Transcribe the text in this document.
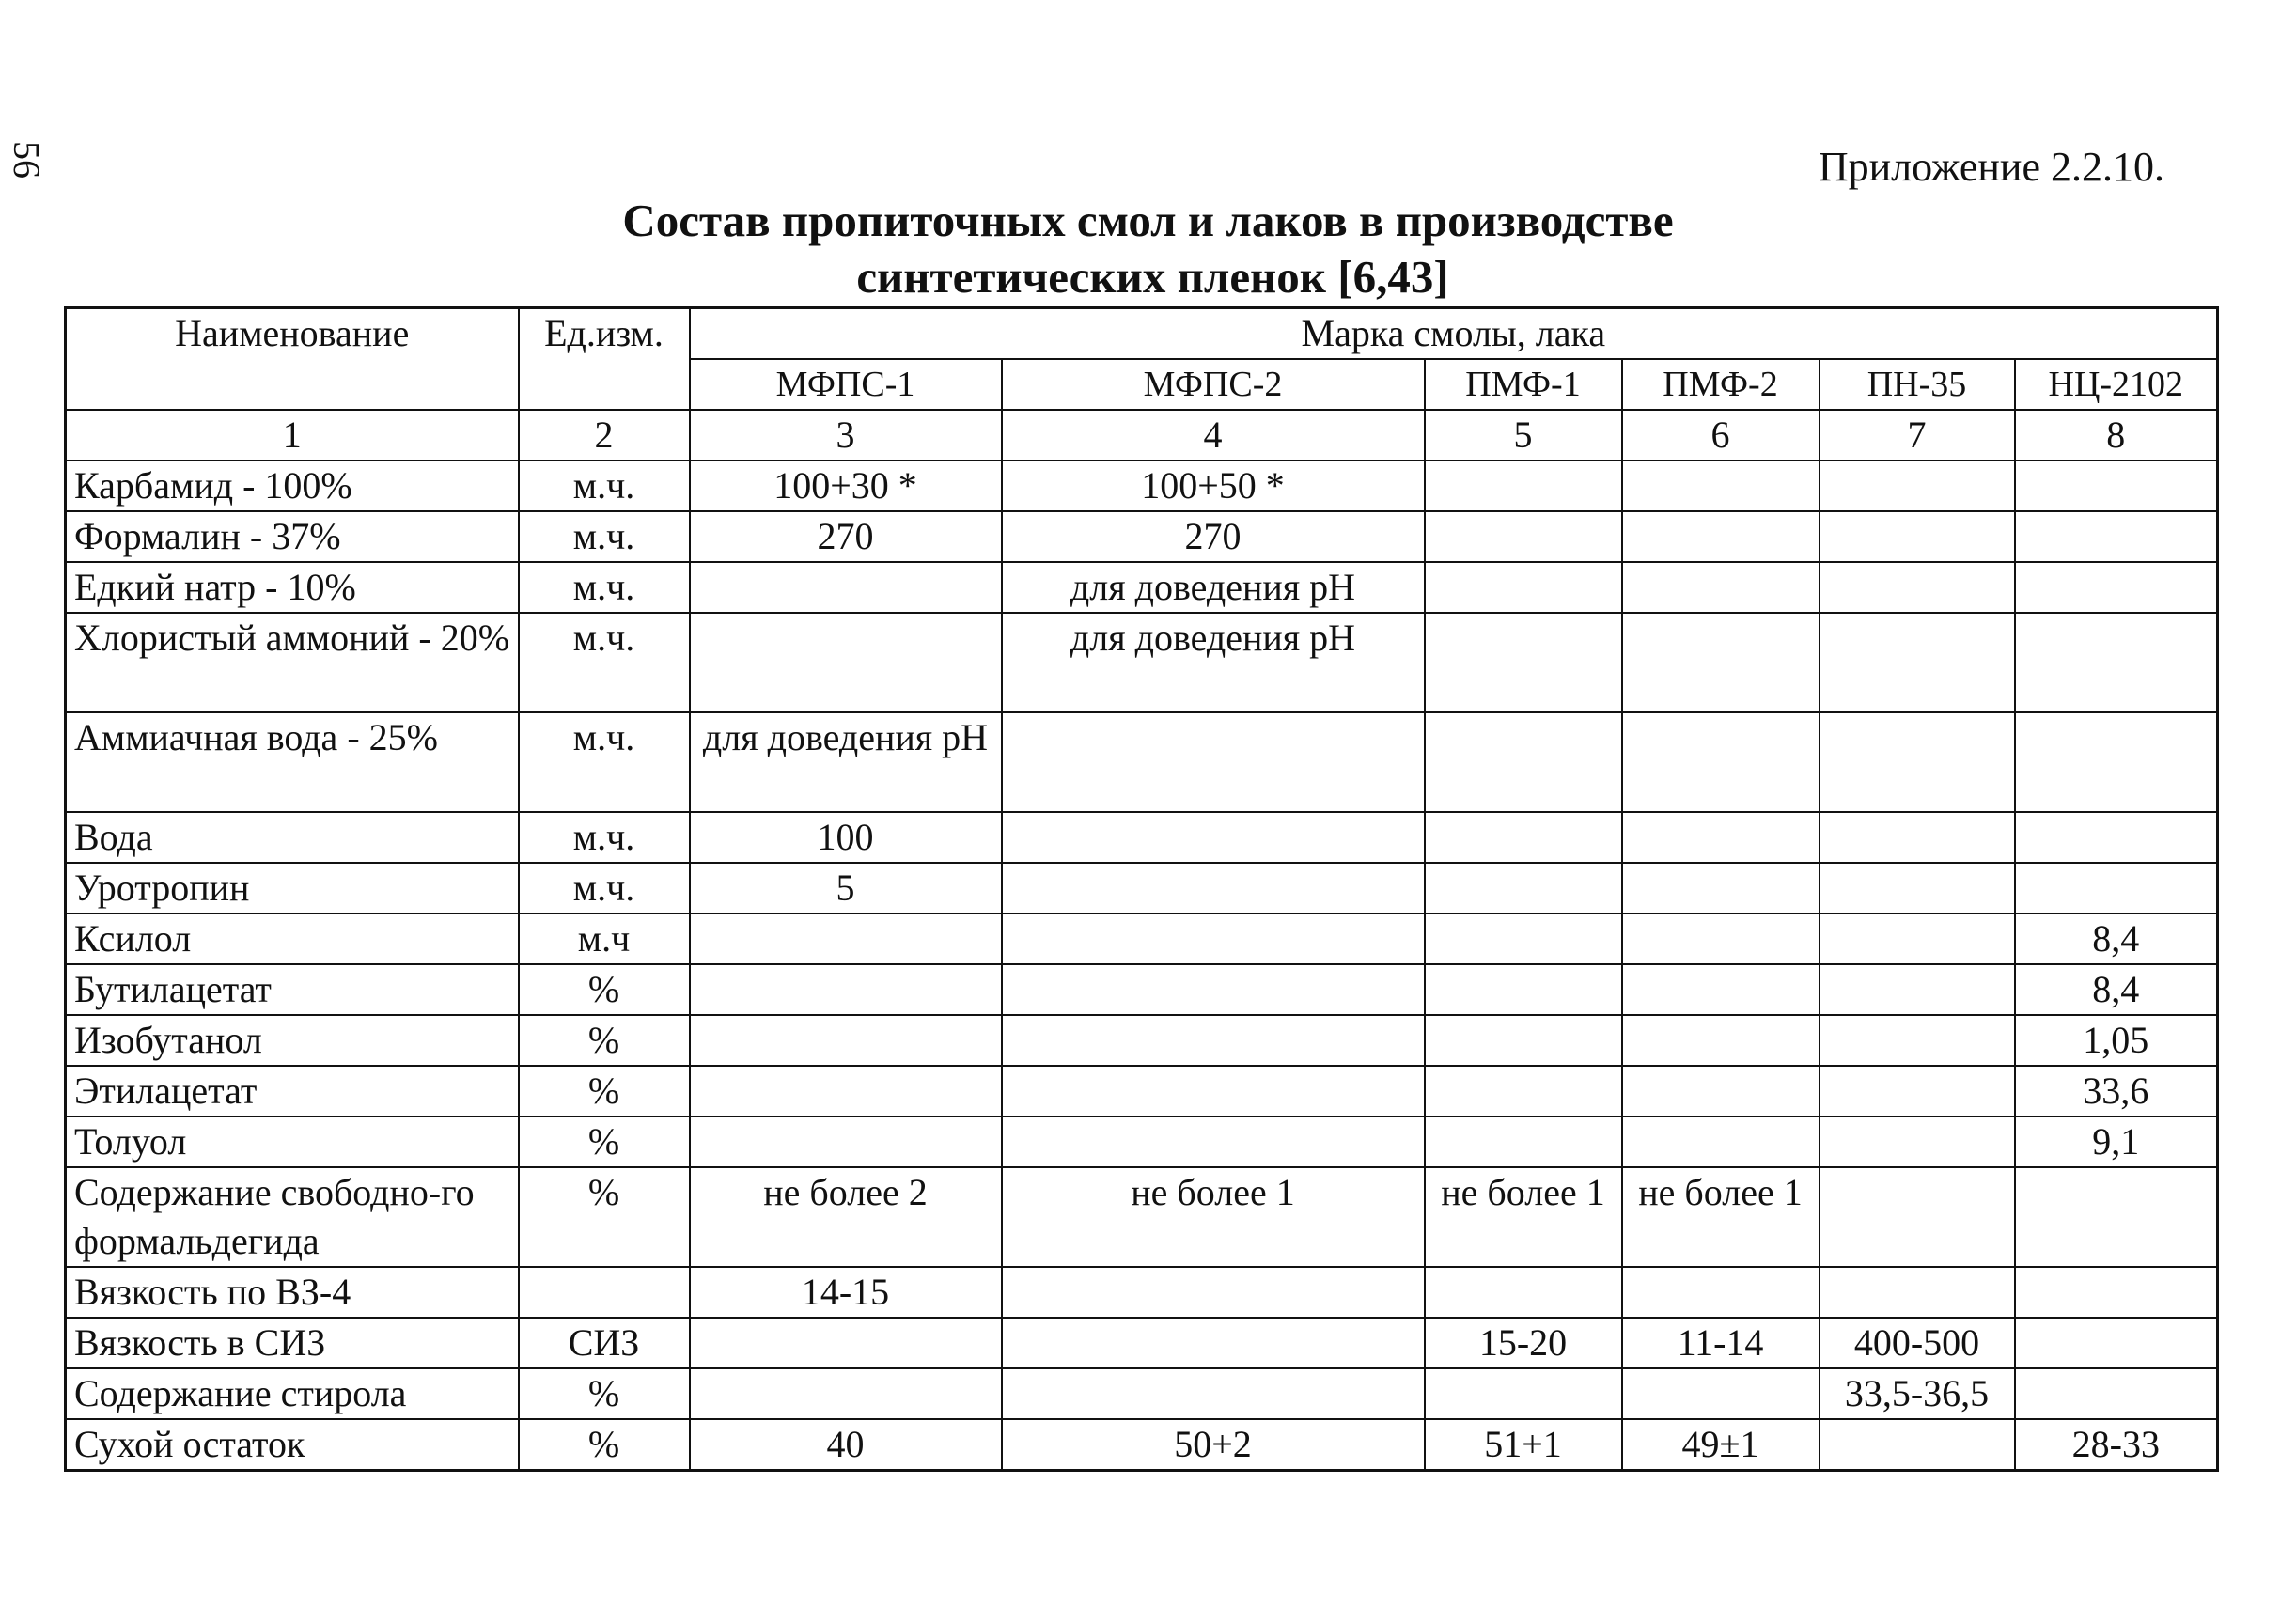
56	Приложение 2.2.10.
Состав пропиточных смол и лаков в производстве
синтетических пленок [6,43]
Наименование	Ед.изм.	Марка смолы, лака					
		МФПС-1	МФПС-2	ПМФ-1	ПМФ-2	ПН-35	НЦ-2102
1	2	3	4	5	6	7	8
Карбамид - 100%	м.ч.	100+30 *	100+50 *				
Формалин - 37%	м.ч.	270	270				
Едкий натр - 10%	м.ч.		для доведения pH				
Хлористый аммоний - 20%	м.ч.		для доведения pH				
Аммиачная вода - 25%	м.ч.	для доведения pH					
Вода	м.ч.	100					
Уротропин	м.ч.	5					
Ксилол	м.ч						8,4
Бутилацетат	%						8,4
Изобутанол	%						1,05
Этилацетат	%						33,6
Толуол	%						9,1
Содержание свободно-го формальдегида	%	не более 2	не более 1	не более 1	не более 1		
Вязкость по ВЗ-4		14-15					
Вязкость в СИЗ	СИЗ			15-20	11-14	400-500	
Содержание стирола	%					33,5-36,5	
Сухой остаток	%	40	50+2	51+1	49±1		28-33
